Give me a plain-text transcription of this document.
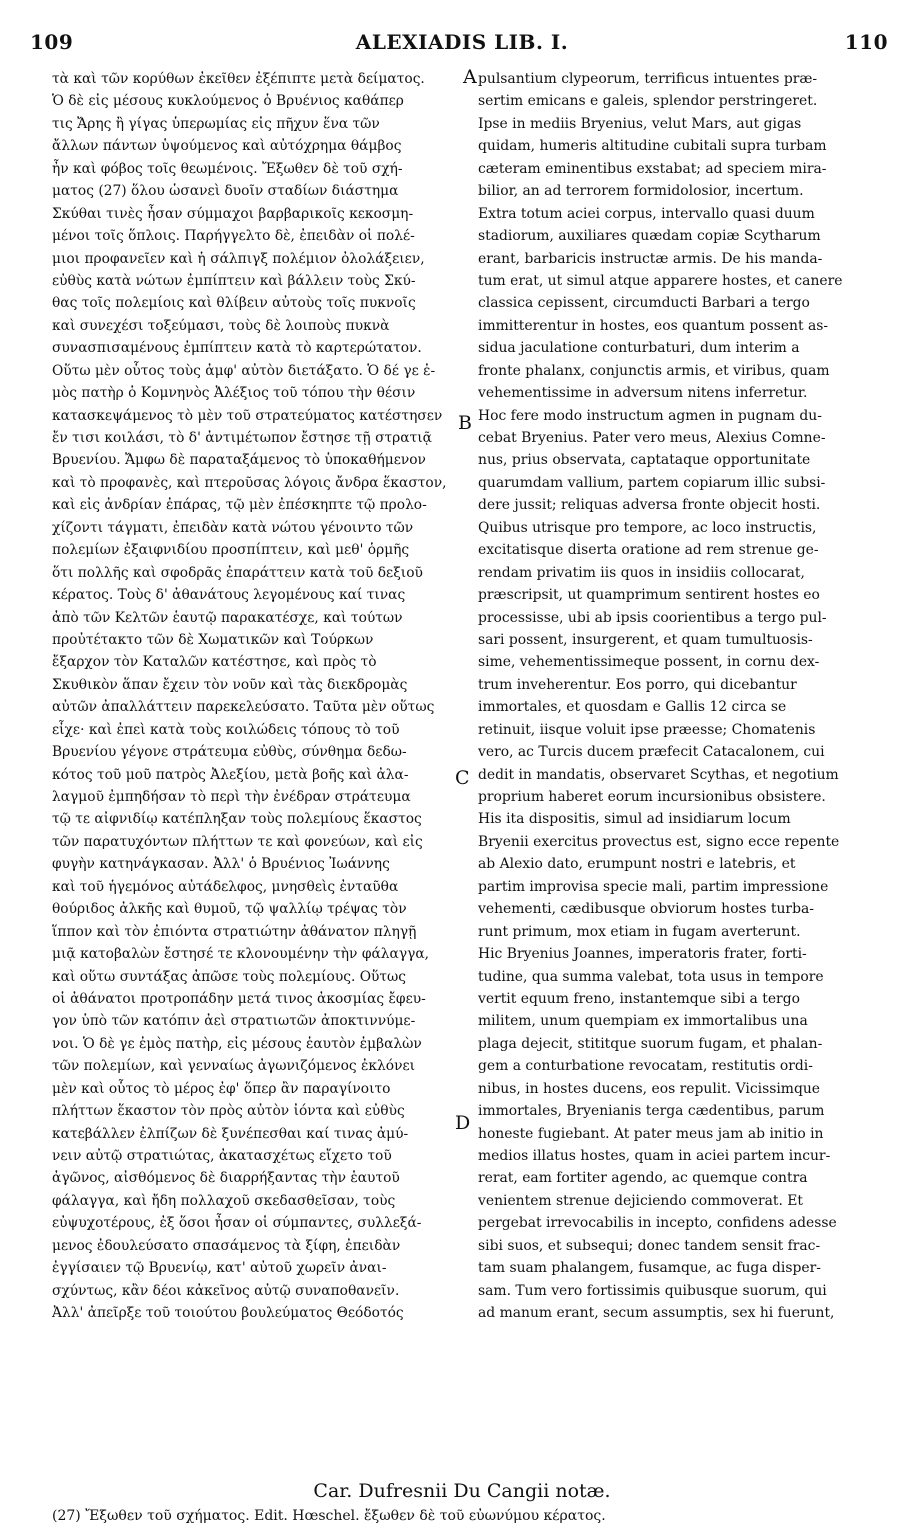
109	ALEXIADIS LIB. I.	110
τὰ καὶ τῶν κορύθων ἐκεῖθεν ἐξέπιπτε μετὰ δείματος.
Ὁ δὲ εἰς μέσους κυκλούμενος ὁ Βρυένιος καθάπερ
τις Ἄρης ἢ γίγας ὑπερωμίας εἰς πῆχυν ἕνα τῶν
ἄλλων πάντων ὑψούμενος καὶ αὐτόχρημα θάμβος
ἦν καὶ φόβος τοῖς θεωμένοις. Ἔξωθεν δὲ τοῦ σχή-
ματος (27) ὅλου ὡσανεὶ δυοῖν σταδίων διάστημα
Σκύθαι τινὲς ἦσαν σύμμαχοι βαρβαρικοῖς κεκοσμη-
μένοι τοῖς ὅπλοις. Παρήγγελτο δὲ, ἐπειδὰν οἱ πολέ-
μιοι προφανεῖεν καὶ ἡ σάλπιγξ πολέμιον ὀλολάξειεν,
εὐθὺς κατὰ νώτων ἐμπίπτειν καὶ βάλλειν τοὺς Σκύ-
θας τοῖς πολεμίοις καὶ θλίβειν αὐτοὺς τοῖς πυκνοῖς
καὶ συνεχέσι τοξεύμασι, τοὺς δὲ λοιποὺς πυκνὰ
συνασπισαμένους ἐμπίπτειν κατὰ τὸ καρτερώτατον.
Οὕτω μὲν οὗτος τοὺς ἀμφ' αὐτὸν διετάξατο. Ὁ δέ γε ἐ-
μὸς πατὴρ ὁ Κομνηνὸς Ἀλέξιος τοῦ τόπου τὴν θέσιν
κατασκεψάμενος τὸ μὲν τοῦ στρατεύματος κατέστησεν
ἔν τισι κοιλάσι, τὸ δ' ἀντιμέτωπον ἔστησε τῇ στρατιᾷ
Βρυενίου. Ἄμφω δὲ παραταξάμενος τὸ ὑποκαθήμενον
καὶ τὸ προφανὲς, καὶ πτεροῦσας λόγοις ἄνδρα ἕκαστον,
καὶ εἰς ἀνδρίαν ἐπάρας, τῷ μὲν ἐπέσκηπτε τῷ προλο-
χίζοντι τάγματι, ἐπειδὰν κατὰ νώτου γένοιντο τῶν
πολεμίων ἐξαιφνιδίου προσπίπτειν, καὶ μεθ' ὁρμῆς
ὅτι πολλῆς καὶ σφοδρᾶς ἐπαράττειν κατὰ τοῦ δεξιοῦ
κέρατος. Τοὺς δ' ἀθανάτους λεγομένους καί τινας
ἀπὸ τῶν Κελτῶν ἑαυτῷ παρακατέσχε, καὶ τούτων
προὐτέτακτο τῶν δὲ Χωματικῶν καὶ Τούρκων
ἔξαρχον τὸν Καταλῶν κατέστησε, καὶ πρὸς τὸ
Σκυθικὸν ἅπαν ἔχειν τὸν νοῦν καὶ τὰς διεκδρομὰς
αὐτῶν ἀπαλλάττειν παρεκελεύσατο. Ταῦτα μὲν οὕτως
εἶχε· καὶ ἐπεὶ κατὰ τοὺς κοιλώδεις τόπους τὸ τοῦ
Βρυενίου γέγονε στράτευμα εὐθὺς, σύνθημα δεδω-
κότος τοῦ μοῦ πατρὸς Ἀλεξίου, μετὰ βοῆς καὶ ἀλα-
λαγμοῦ ἐμπηδήσαν τὸ περὶ τὴν ἐνέδραν στράτευμα
τῷ τε αἰφνιδίῳ κατέπληξαν τοὺς πολεμίους ἕκαστος
τῶν παρατυχόντων πλήττων τε καὶ φονεύων, καὶ εἰς
φυγὴν κατηνάγκασαν. Ἀλλ' ὁ Βρυένιος Ἰωάννης
καὶ τοῦ ἡγεμόνος αὐτάδελφος, μνησθεὶς ἐνταῦθα
θούριδος ἀλκῆς καὶ θυμοῦ, τῷ ψαλλίῳ τρέψας τὸν
ἵππον καὶ τὸν ἐπιόντα στρατιώτην ἀθάνατον πληγῇ
μιᾷ κατοβαλὼν ἔστησέ τε κλονουμένην τὴν φάλαγγα,
καὶ οὕτω συντάξας ἀπῶσε τοὺς πολεμίους. Οὕτως
οἱ ἀθάνατοι προτροπάδην μετά τινος ἀκοσμίας ἔφευ-
γον ὑπὸ τῶν κατόπιν ἀεὶ στρατιωτῶν ἀποκτιννύμε-
νοι. Ὁ δὲ γε ἐμὸς πατὴρ, εἰς μέσους ἑαυτὸν ἐμβαλὼν
τῶν πολεμίων, καὶ γενναίως ἀγωνιζόμενος ἐκλόνει
μὲν καὶ οὗτος τὸ μέρος ἐφ' ὅπερ ἂν παραγίνοιτο
πλήττων ἕκαστον τὸν πρὸς αὐτὸν ἰόντα καὶ εὐθὺς
κατεβάλλεν ἐλπίζων δὲ ξυνέπεσθαι καί τινας ἀμύ-
νειν αὐτῷ στρατιώτας, ἀκατασχέτως εἴχετο τοῦ
ἀγῶνος, αἰσθόμενος δὲ διαρρήξαντας τὴν ἑαυτοῦ
φάλαγγα, καὶ ἤδη πολλαχοῦ σκεδασθεῖσαν, τοὺς
εὐψυχοτέρους, ἐξ ὅσοι ἦσαν οἱ σύμπαντες, συλλεξά-
μενος ἐδουλεύσατο σπασάμενος τὰ ξίφη, ἐπειδὰν
ἐγγίσαιεν τῷ Βρυενίῳ, κατ' αὐτοῦ χωρεῖν ἀναι-
σχύντως, κἂν δέοι κἀκεῖνος αὐτῷ συναποθανεῖν.
Ἀλλ' ἀπεῖρξε τοῦ τοιούτου βουλεύματος Θεόδοτός
pulsantium clypeorum, terrificus intuentes præ-
sertim emicans e galeis, splendor perstringeret.
Ipse in mediis Bryenius, velut Mars, aut gigas
quidam, humeris altitudine cubitali supra turbam
cæteram eminentibus exstabat; ad speciem mira-
bilior, an ad terrorem formidolosior, incertum.
Extra totum aciei corpus, intervallo quasi duum
stadiorum, auxiliares quædam copiæ Scytharum
erant, barbaricis instructæ armis. De his manda-
tum erat, ut simul atque apparere hostes, et canere
classica cepissent, circumducti Barbari a tergo
immitterentur in hostes, eos quantum possent as-
sidua jaculatione conturbaturi, dum interim a
fronte phalanx, conjunctis armis, et viribus, quam
vehementissime in adversum nitens inferretur.
Hoc fere modo instructum agmen in pugnam du-
cebat Bryenius. Pater vero meus, Alexius Comne-
nus, prius observata, captataque opportunitate
quarumdam vallium, partem copiarum illic subsi-
dere jussit; reliquas adversa fronte objecit hosti.
Quibus utrisque pro tempore, ac loco instructis,
excitatisque diserta oratione ad rem strenue ge-
rendam privatim iis quos in insidiis collocarat,
præscripsit, ut quamprimum sentirent hostes eo
processisse, ubi ab ipsis coorientibus a tergo pul-
sari possent, insurgerent, et quam tumultuosis-
sime, vehementissimeque possent, in cornu dex-
trum inveherentur. Eos porro, qui dicebantur
immortales, et quosdam e Gallis 12 circa se
retinuit, iisque voluit ipse præesse; Chomatenis
vero, ac Turcis ducem præfecit Catacalonem, cui
dedit in mandatis, observaret Scythas, et negotium
proprium haberet eorum incursionibus obsistere.
His ita dispositis, simul ad insidiarum locum
Bryenii exercitus provectus est, signo ecce repente
ab Alexio dato, erumpunt nostri e latebris, et
partim improvisa specie mali, partim impressione
vehementi, cædibusque obviorum hostes turba-
runt primum, mox etiam in fugam averterunt.
Hic Bryenius Joannes, imperatoris frater, forti-
tudine, qua summa valebat, tota usus in tempore
vertit equum freno, instantemque sibi a tergo
militem, unum quempiam ex immortalibus una
plaga dejecit, stititque suorum fugam, et phalan-
gem a conturbatione revocatam, restitutis ordi-
nibus, in hostes ducens, eos repulit. Vicissimque
immortales, Bryenianis terga cædentibus, parum
honeste fugiebant. At pater meus jam ab initio in
medios illatus hostes, quam in aciei partem incur-
rerat, eam fortiter agendo, ac quemque contra
venientem strenue dejiciendo commoverat. Et
pergebat irrevocabilis in incepto, confidens adesse
sibi suos, et subsequi; donec tandem sensit frac-
tam suam phalangem, fusamque, ac fuga disper-
sam. Tum vero fortissimis quibusque suorum, qui
ad manum erant, secum assumptis, sex hi fuerunt,
A
B
C
D
Car. Dufresnii Du Cangii notæ.
(27) Ἔξωθεν τοῦ σχήματος. Edit. Hœschel. ἔξωθεν δὲ τοῦ εὐωνύμου κέρατος.
